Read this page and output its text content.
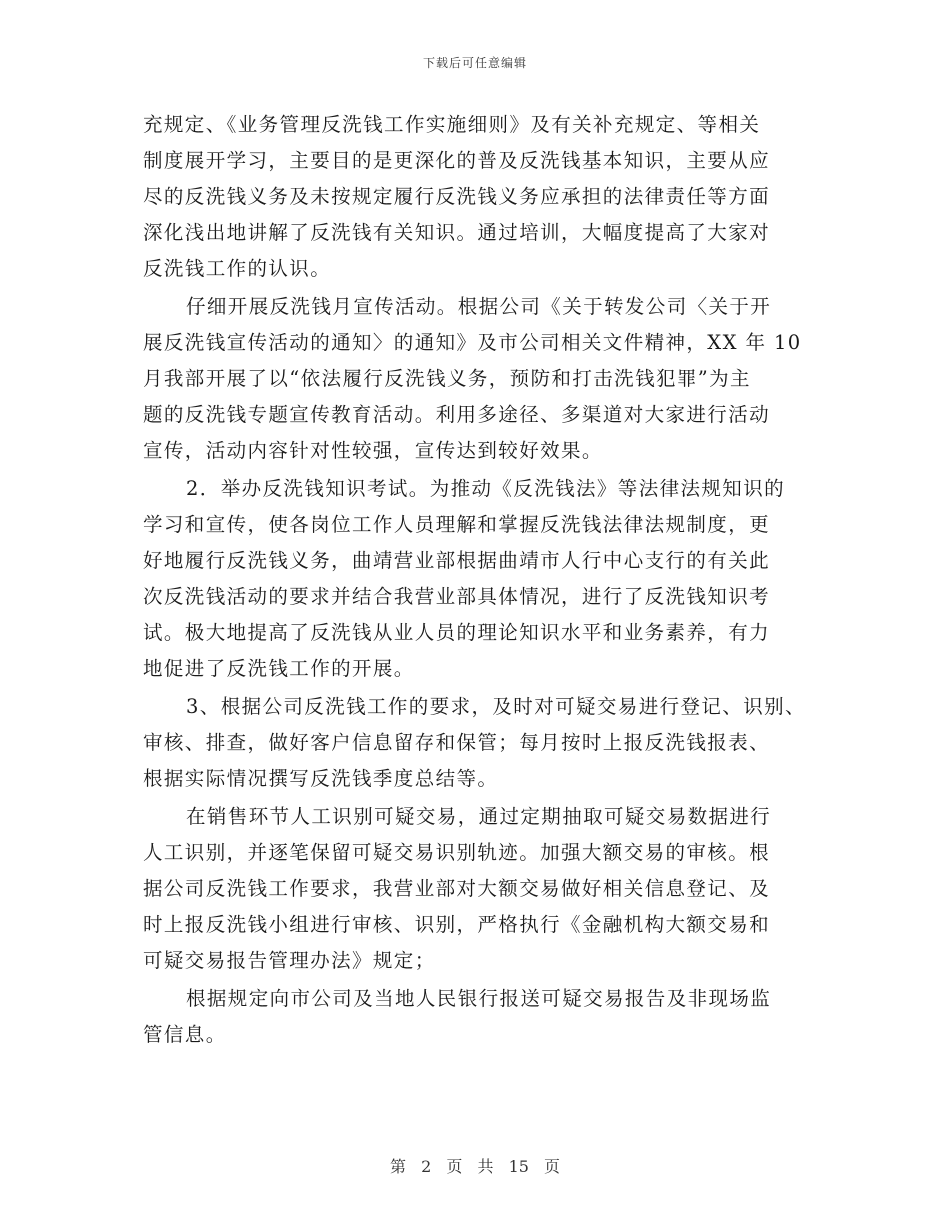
下载后可任意编辑
充规定、《业务管理反洗钱工作实施细则》及有关补充规定、等相关
制度展开学习，主要目的是更深化的普及反洗钱基本知识，主要从应
尽的反洗钱义务及未按规定履行反洗钱义务应承担的法律责任等方面
深化浅出地讲解了反洗钱有关知识。通过培训，大幅度提高了大家对
反洗钱工作的认识。
仔细开展反洗钱月宣传活动。根据公司《关于转发公司〈关于开
展反洗钱宣传活动的通知〉的通知》及市公司相关文件精神，XX 年 10
月我部开展了以“依法履行反洗钱义务，预防和打击洗钱犯罪”为主
题的反洗钱专题宣传教育活动。利用多途径、多渠道对大家进行活动
宣传，活动内容针对性较强，宣传达到较好效果。
2．举办反洗钱知识考试。为推动《反洗钱法》等法律法规知识的
学习和宣传，使各岗位工作人员理解和掌握反洗钱法律法规制度，更
好地履行反洗钱义务，曲靖营业部根据曲靖市人行中心支行的有关此
次反洗钱活动的要求并结合我营业部具体情况，进行了反洗钱知识考
试。极大地提高了反洗钱从业人员的理论知识水平和业务素养，有力
地促进了反洗钱工作的开展。
3、根据公司反洗钱工作的要求，及时对可疑交易进行登记、识别、
审核、排查，做好客户信息留存和保管；每月按时上报反洗钱报表、
根据实际情况撰写反洗钱季度总结等。
在销售环节人工识别可疑交易，通过定期抽取可疑交易数据进行
人工识别，并逐笔保留可疑交易识别轨迹。加强大额交易的审核。根
据公司反洗钱工作要求，我营业部对大额交易做好相关信息登记、及
时上报反洗钱小组进行审核、识别，严格执行《金融机构大额交易和
可疑交易报告管理办法》规定；
根据规定向市公司及当地人民银行报送可疑交易报告及非现场监
管信息。
第 2 页 共 15 页
